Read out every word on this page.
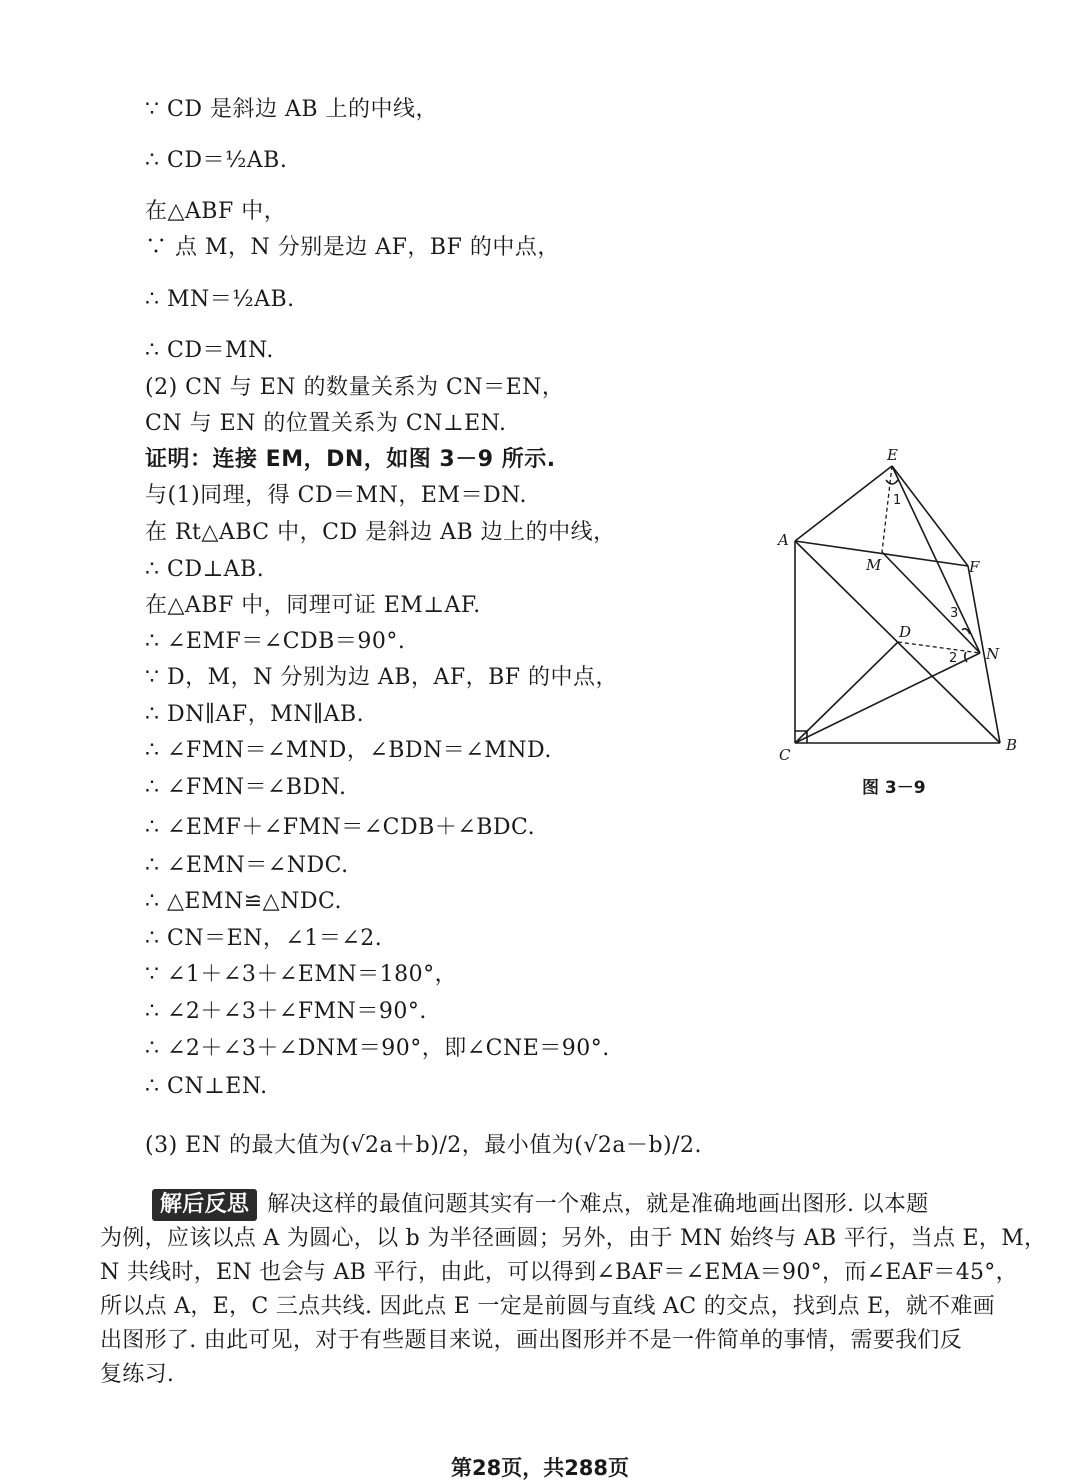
∵ CD 是斜边 AB 上的中线，
∴ CD＝½AB.
在△ABF 中，
∵ 点 M，N 分别是边 AF，BF 的中点，
∴ MN＝½AB.
∴ CD＝MN.
(2) CN 与 EN 的数量关系为 CN＝EN，
CN 与 EN 的位置关系为 CN⊥EN.
证明：连接 EM，DN，如图 3－9 所示.
与(1)同理，得 CD＝MN，EM＝DN.
在 Rt△ABC 中，CD 是斜边 AB 边上的中线，
∴ CD⊥AB.
在△ABF 中，同理可证 EM⊥AF.
∴ ∠EMF＝∠CDB＝90°.
∵ D，M，N 分别为边 AB，AF，BF 的中点，
∴ DN∥AF，MN∥AB.
∴ ∠FMN＝∠MND，∠BDN＝∠MND.
∴ ∠FMN＝∠BDN.
∴ ∠EMF＋∠FMN＝∠CDB＋∠BDC.
∴ ∠EMN＝∠NDC.
∴ △EMN≌△NDC.
∴ CN＝EN，∠1＝∠2.
∵ ∠1＋∠3＋∠EMN＝180°，
∴ ∠2＋∠3＋∠FMN＝90°.
∴ ∠2＋∠3＋∠DNM＝90°，即∠CNE＝90°.
∴ CN⊥EN.
(3) EN 的最大值为(√2a＋b)/2，最小值为(√2a－b)/2.
E
A
M	F
D
N
C
B
1
2
3
图 3－9
解后反思 解决这样的最值问题其实有一个难点，就是准确地画出图形. 以本题
为例，应该以点 A 为圆心，以 b 为半径画圆；另外，由于 MN 始终与 AB 平行，当点 E，M，
N 共线时，EN 也会与 AB 平行，由此，可以得到∠BAF＝∠EMA＝90°，而∠EAF＝45°，
所以点 A，E，C 三点共线. 因此点 E 一定是前圆与直线 AC 的交点，找到点 E，就不难画
出图形了. 由此可见，对于有些题目来说，画出图形并不是一件简单的事情，需要我们反
复练习.
第28页，共288页
